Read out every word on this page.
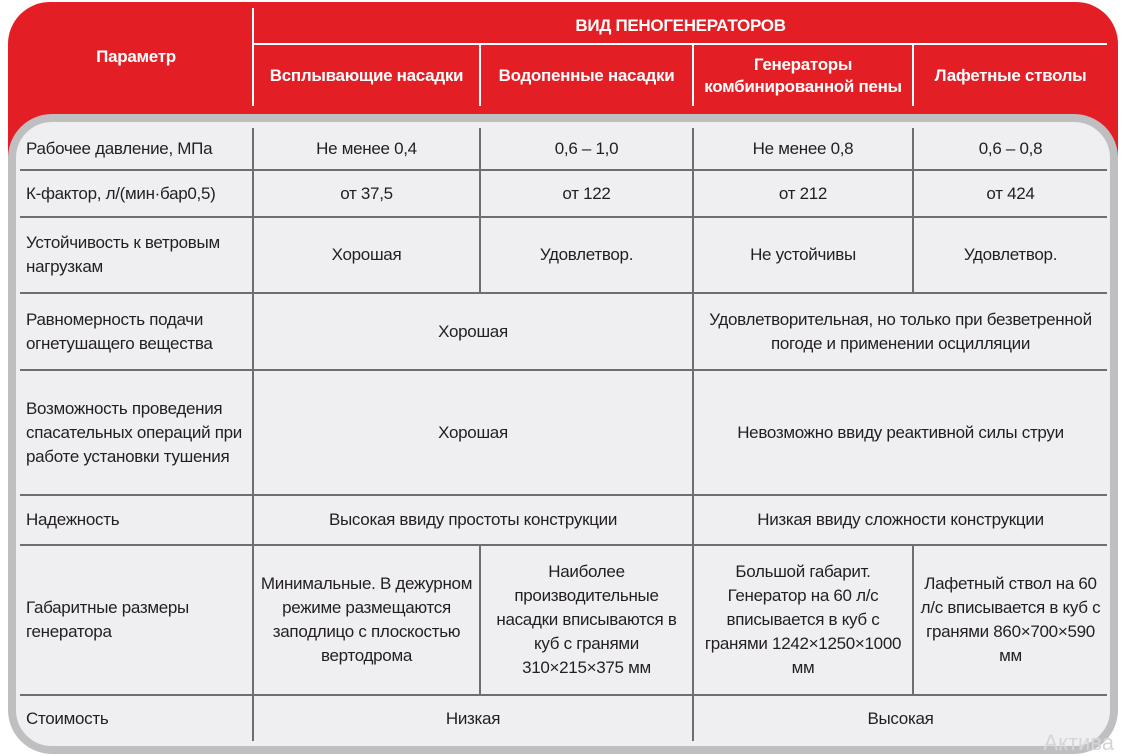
Параметр	ВИД ПЕНОГЕНЕРАТОРОВ			
	Всплывающие насадки	Водопенные насадки	Генераторы комбинированной пены	Лафетные стволы
Актива
Рабочее давление, МПа	Не менее 0,4	0,6 – 1,0	Не менее 0,8	0,6 – 0,8
К-фактор, л/(мин·бар0,5)	от 37,5	от 122	от 212	от 424
Устойчивость к ветровым нагрузкам	Хорошая	Удовлетвор.	Не устойчивы	Удовлетвор.
Равномерность подачи огнетушащего вещества	Хорошая		Удовлетворительная, но только при безветренной погоде и применении осцилляции	
Возможность проведения спасательных операций при работе установки тушения	Хорошая		Невозможно ввиду реактивной силы струи	
Надежность	Высокая ввиду простоты конструкции		Низкая ввиду сложности конструкции	
Габаритные размеры генератора	Минимальные. В дежурном режиме размещаются заподлицо с плоскостью вертодрома	Наиболее производительные насадки вписываются в куб с гранями 310×215×375 мм	Большой габарит. Генератор на 60 л/с вписывается в куб с гранями 1242×1250×1000 мм	Лафетный ствол на 60 л/с вписывается в куб с гранями 860×700×590 мм
Стоимость	Низкая		Высокая	
